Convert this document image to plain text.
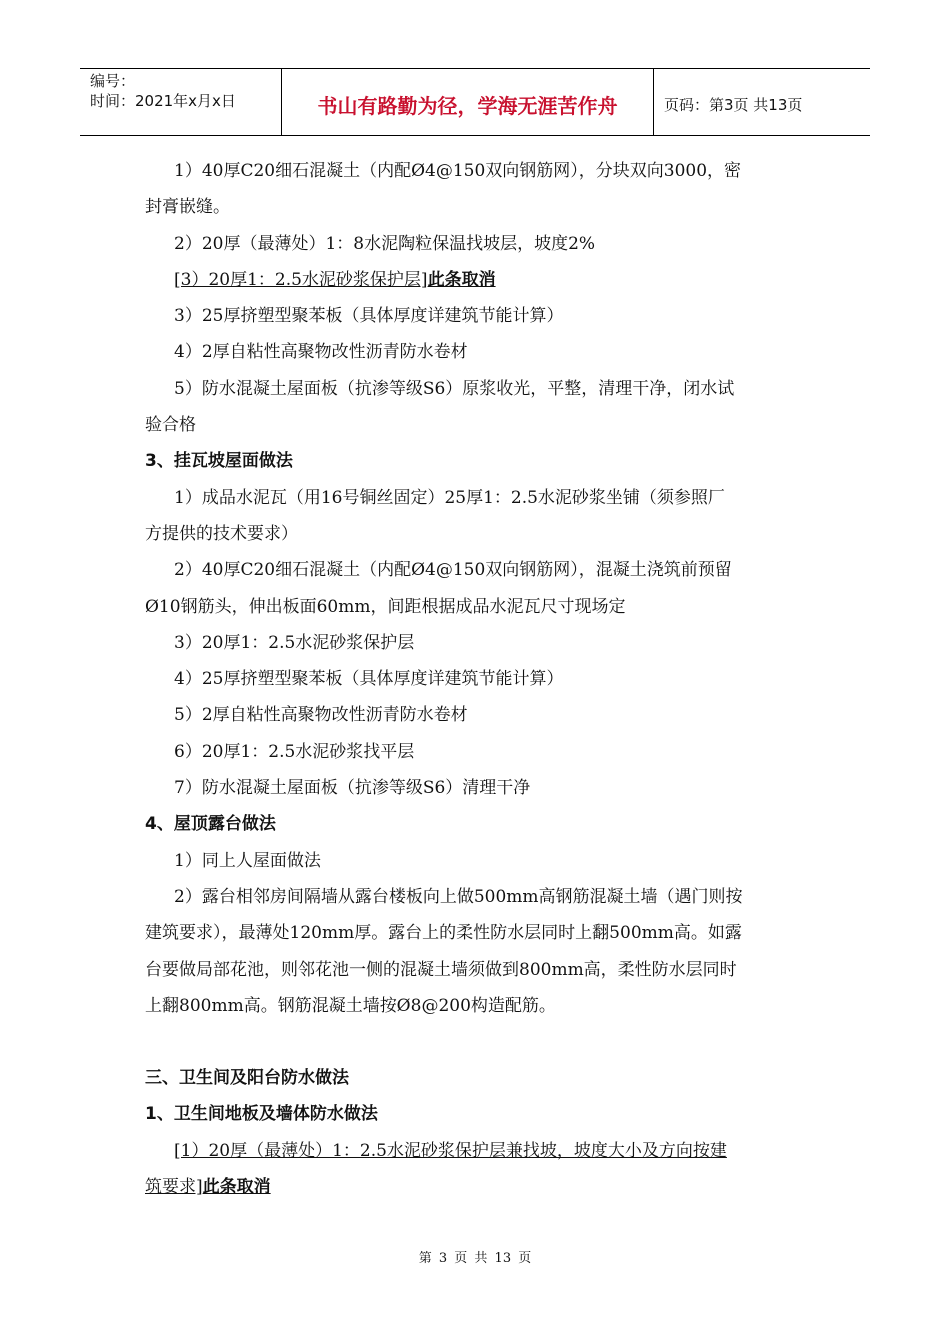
编号：
时间：2021年x月x日	书山有路勤为径，学海无涯苦作舟	页码：第3页 共13页
1）40厚C20细石混凝土（内配Ø4@150双向钢筋网），分块双向3000，密
封膏嵌缝。
2）20厚（最薄处）1：8水泥陶粒保温找坡层，坡度2%
[3）20厚1：2.5水泥砂浆保护层]此条取消
3）25厚挤塑型聚苯板（具体厚度详建筑节能计算）
4）2厚自粘性高聚物改性沥青防水卷材
5）防水混凝土屋面板（抗渗等级S6）原浆收光，平整，清理干净，闭水试
验合格
3、挂瓦坡屋面做法
1）成品水泥瓦（用16号铜丝固定）25厚1：2.5水泥砂浆坐铺（须参照厂
方提供的技术要求）
2）40厚C20细石混凝土（内配Ø4@150双向钢筋网），混凝土浇筑前预留
Ø10钢筋头，伸出板面60mm，间距根据成品水泥瓦尺寸现场定
3）20厚1：2.5水泥砂浆保护层
4）25厚挤塑型聚苯板（具体厚度详建筑节能计算）
5）2厚自粘性高聚物改性沥青防水卷材
6）20厚1：2.5水泥砂浆找平层
7）防水混凝土屋面板（抗渗等级S6）清理干净
4、屋顶露台做法
1）同上人屋面做法
2）露台相邻房间隔墙从露台楼板向上做500mm高钢筋混凝土墙（遇门则按
建筑要求），最薄处120mm厚。露台上的柔性防水层同时上翻500mm高。如露
台要做局部花池，则邻花池一侧的混凝土墙须做到800mm高，柔性防水层同时
上翻800mm高。钢筋混凝土墙按Ø8@200构造配筋。
三、卫生间及阳台防水做法
1、卫生间地板及墙体防水做法
[1）20厚（最薄处）1：2.5水泥砂浆保护层兼找坡，坡度大小及方向按建
筑要求]此条取消
第 3 页 共 13 页
